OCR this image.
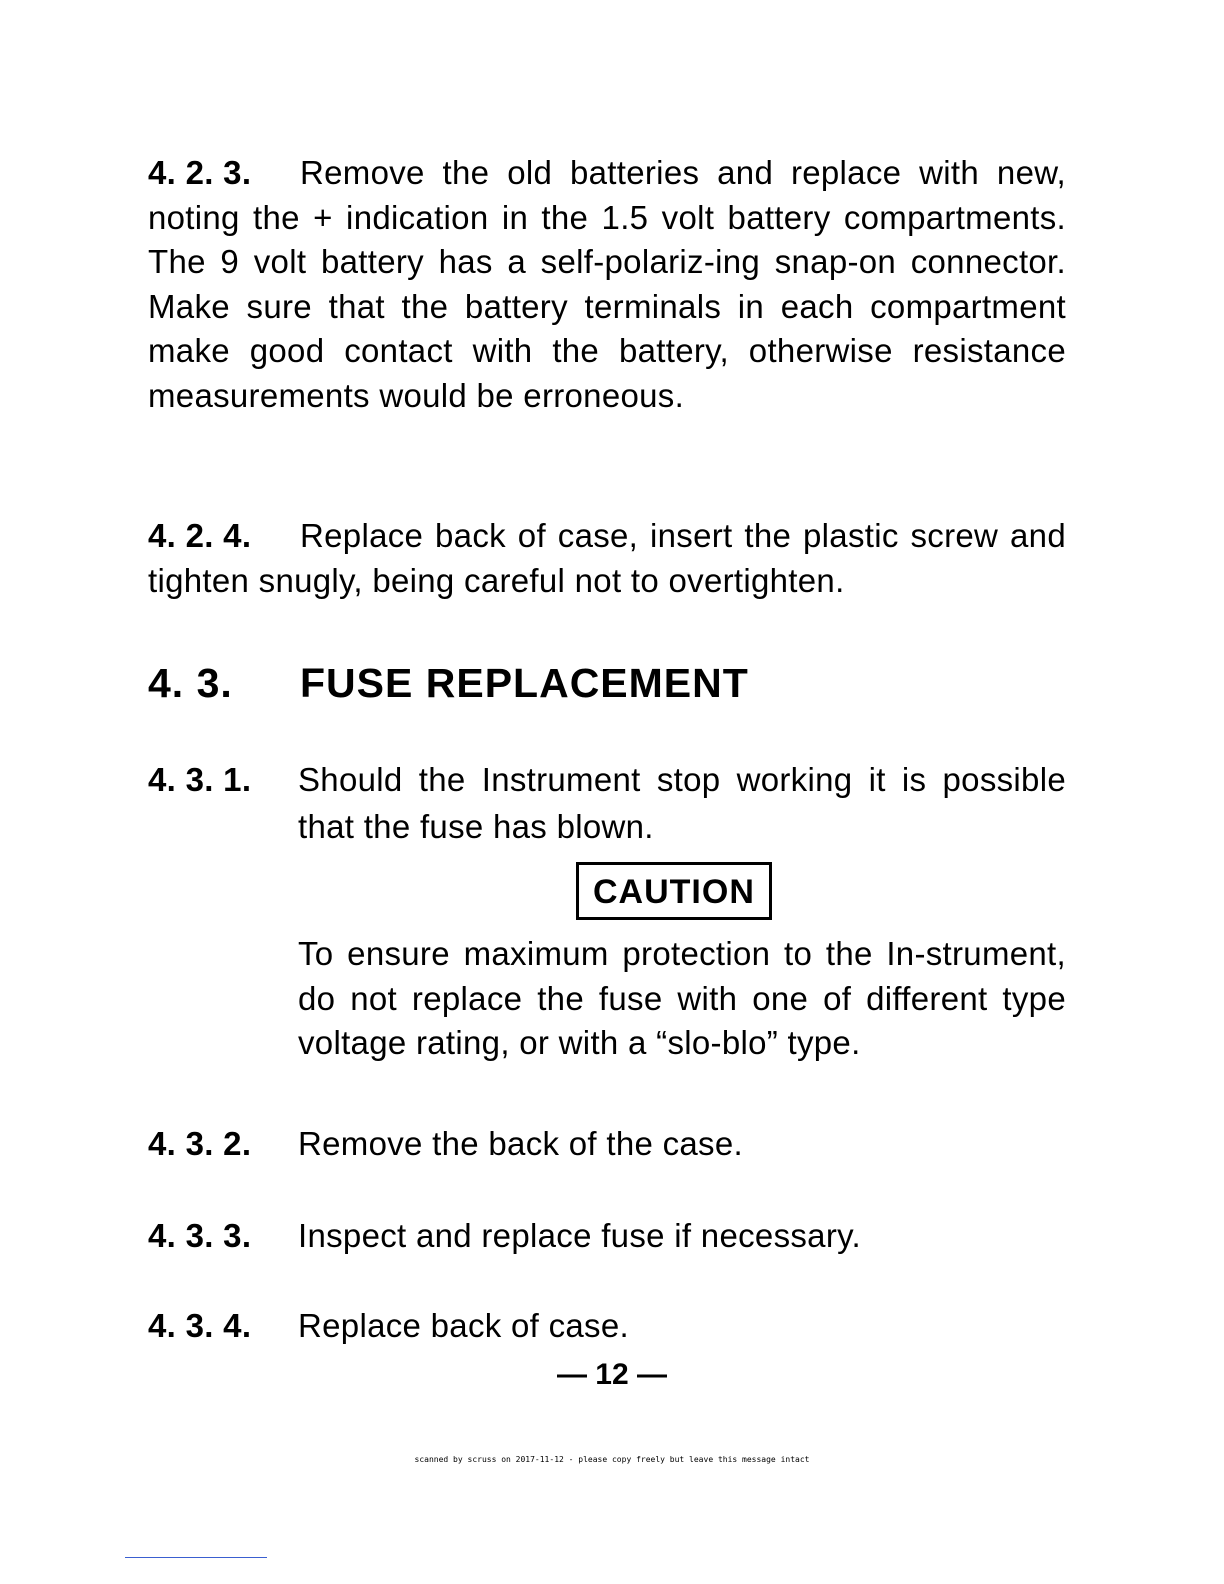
4. 2. 3. Remove the old batteries and replace with new, noting the + indication in the 1.5 volt battery compartments. The 9 volt battery has a self-polariz-ing snap-on connector. Make sure that the battery terminals in each compartment make good contact with the battery, otherwise resistance measurements would be erroneous.
4. 2. 4. Replace back of case, insert the plastic screw and tighten snugly, being careful not to overtighten.
4. 3. FUSE REPLACEMENT
4. 3. 1.	Should the Instrument stop working it is possible that the fuse has blown.
CAUTION
To ensure maximum protection to the In-strument, do not replace the fuse with one of different type voltage rating, or with a “slo-blo” type.
4. 3. 2.	Remove the back of the case.
4. 3. 3.	Inspect and replace fuse if necessary.
4. 3. 4.	Replace back of case.
— 12 —
scanned by scruss on 2017-11-12 - please copy freely but leave this message intact
